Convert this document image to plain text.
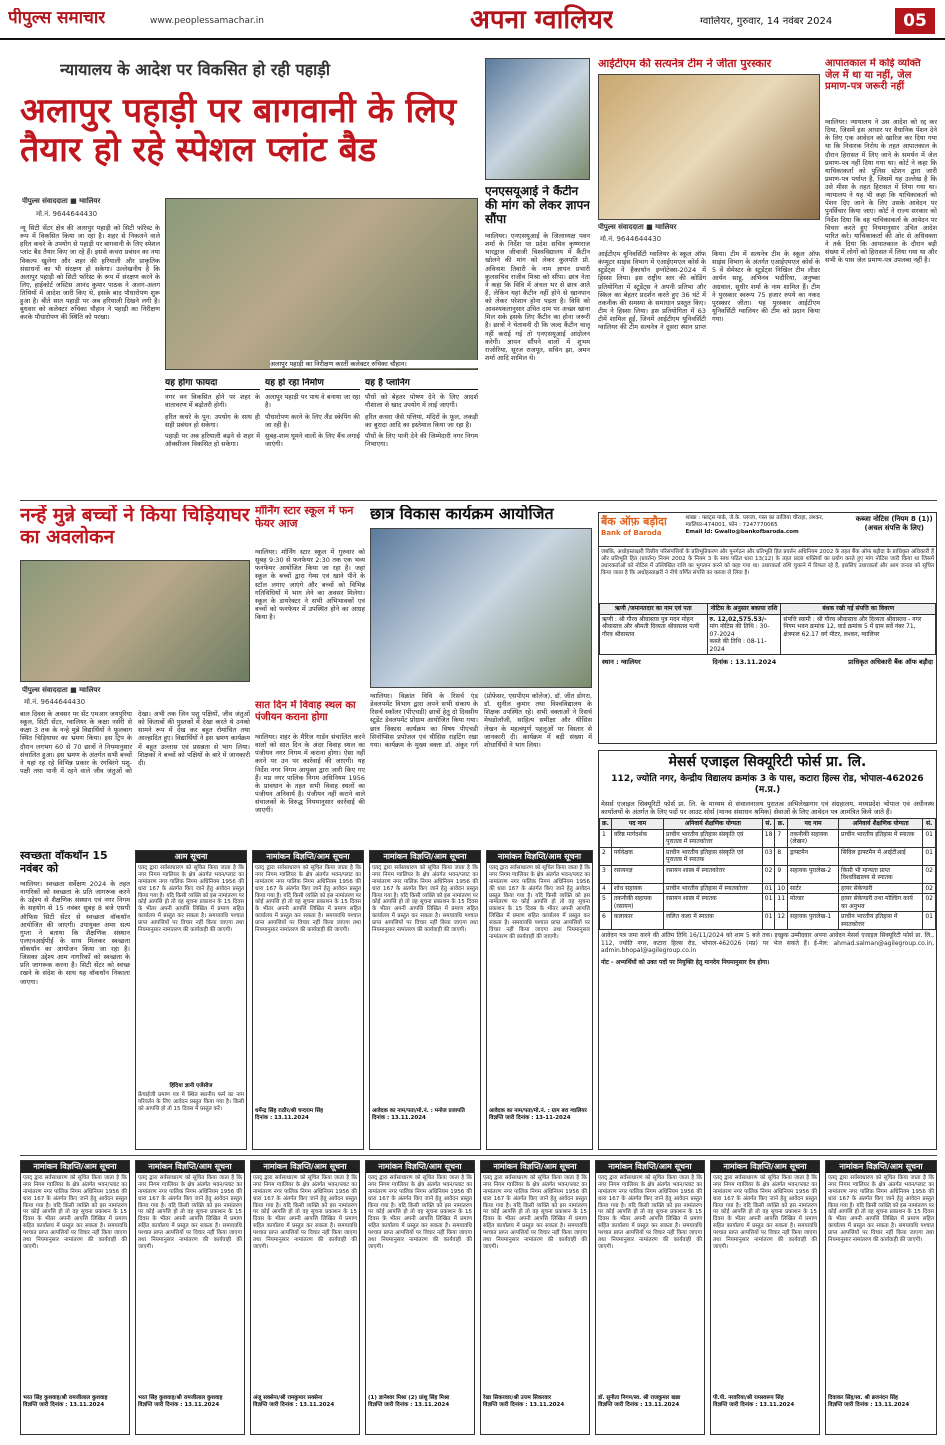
पीपुल्स समाचार	www.peoplessamachar.in	अपना ग्वालियर	ग्वालियर, गुरुवार, 14 नवंबर 2024	05
न्यायालय के आदेश पर विकसित हो रही पहाड़ी
अलापुर पहाड़ी पर बागवानी के लिए तैयार हो रहे स्पेशल प्लांट बैड
पीपुल्स संवाददाता ■ ग्वालियर
मो.नं. 9644644430
न्यू सिटी सेंटर क्षेत्र की अलापुर पहाड़ी को सिटी फॉरेस्ट के रूप में विकसित किया जा रहा है। शहर से निकलने वाले हरित कचरे के उपयोग से पहाड़ी पर बागवानी के लिए स्पेशल प्लांट बैड तैयार किए जा रहे हैं। इससे कचरा प्रबंधन का नया विकल्प खुलेगा और शहर की हरियाली और प्राकृतिक संसाधनों का भी संरक्षण हो सकेगा। उल्लेखनीय है कि अलापुर पहाड़ी को सिटी फॉरेस्ट के रूप में संरक्षण करने के लिए, हाईकोर्ट जस्टिस आनंद कुमार पाठक ने अलग-अलग तिथियों में आदेश जारी किए थे, इसके बाद पौधारोपण शुरू हुआ है। बीते सात पहाड़ी पर अब हरियाली दिखने लगी है। बुधवार को कलेक्टर रुचिका चौहान ने पहाड़ी का निरीक्षण करके पौधारोपण की स्थिति को परखा।
अलापुर पहाड़ी का निरीक्षण करतीं कलेक्टर रुचिका चौहान।
यह होगा फायदा
नगर वन विकसित होने पर शहर के वातावरण में बढ़ोतरी होगी।
हरित कचरे के पुन: उपयोग के साथ ही सही प्रबंधन हो सकेगा।
पहाड़ी पर अब हरियाली बढ़ने से शहर में ऑक्सीजन विकसित हो सकेगा।
यह हो रहा निर्माण
अलापुर पहाड़ी पर पाथ वे बनाया जा रहा है।
पौधारोपण करने के लिए लैंड स्केपिंग की जा रही है।
सुबह-शाम घूमने वालों के लिए बैंच लगाई जाएंगी।
यह है प्लानिंग
पौधों को बेहतर पोषण देने के लिए आदर्श गौशाला से खाद उपयोग में लाई जाएगी।
हरित कचरा जैसे पत्तियां, मंदिरों के फूल, लकड़ी का बुरादा आदि का इस्तेमाल किया जा रहा है।
पौधों के लिए पानी देने की जिम्मेदारी नगर निगम निभाएगा।
एनएसयूआई ने कैंटीन की मांग को लेकर ज्ञापन सौंपा
ग्वालियर। एनएसयूआई के जिलाध्यक्ष पवन शर्मा के निर्देश पर प्रदेश सचिव कृष्णराज भारद्वाज जीवाजी विश्वविद्यालय में कैंटीन खोलने की मांग को लेकर कुलपति प्रो. अविनाश तिवारी के नाम ज्ञापन प्रभारी कुलसचिव राजीव मिश्रा को सौंपा। छात्र नेता ने कहा कि विवि में अंचल भर से छात्र आते हैं, लेकिन यहां कैंटीन नहीं होने से खानपान को लेकर परेशान होना पड़ता है। विवि को आवश्यकतानुसार उचित दाम पर अच्छा खाना मिल सके इसके लिए कैंटीन का होना जरूरी है। छात्रों ने चेतावनी दी कि जल्द कैंटीन चालू नहीं कराई गई तो एनएसयूआई आंदोलन करेगी। ज्ञापन सौंपने वालों में शुभम राजोरिया, सूरज राजपूत, सचिन झा, अमन शर्मा आदि शामिल थे।
आईटीएम की सत्यनेत्र टीम ने जीता पुरस्कार
पीपुल्स संवाददाता ■ ग्वालियर
मो.नं. 9644644430
आईटीएम यूनिवर्सिटी ग्वालियर के स्कूल ऑफ कंप्यूटर साइंस विभाग में एआईएमएल कोर्स के स्टूडेंट्स ने हैकाथॉन इग्नोटेक्स-2024 में हिस्सा लिया। इस राष्ट्रीय स्तर की कोडिंग प्रतियोगिता में स्टूडेंट्स ने अपनी प्रतिभा और स्किल का बेहतर प्रदर्शन करते हुए 36 घंटे में तकनीक की समस्या के समाधान प्रस्तुत किए। टीम ने हिस्सा लिया। इस प्रतियोगिता में 63 टीमें शामिल हुईं, जिनमें आईटीएम यूनिवर्सिटी ग्वालियर की टीम सत्यनेत्र ने दूसरा स्थान प्राप्त किया। टीम में सत्यनेत्र टीम के स्कूल ऑफ साइंस विभाग के अंतर्गत एआईएमएल कोर्स के 5 वें सेमेस्टर के स्टूडेंट्स निखिल टीम लीडर आर्यन साहू, अभिनव भदौरिया, अनुष्का अग्रवाल, सुधीर शर्मा के नाम शामिल हैं। टीम ने पुरस्कार स्वरूप 75 हजार रुपये का नकद पुरस्कार जीता। यह पुरस्कार आईटीएम यूनिवर्सिटी ग्वालियर की टीम को प्रदान किया गया।
आपातकाल में कोई व्यक्ति जेल में था या नहीं, जेल प्रमाण-पत्र जरूरी नहीं
ग्वालियर। न्यायालय ने उस आदेश को रद्द कर दिया, जिसमें इस आधार पर वैधानिक पेंशन देने के लिए एक आवेदन को खारिज कर दिया गया था कि निवारक निरोध के तहत आपातकाल के दौरान हिरासत में लिए जाने के समर्थन में जेल प्रमाण-पत्र नहीं दिया गया था। कोर्ट ने कहा कि याचिकाकर्ता को पुलिस स्टेशन द्वारा जारी प्रमाण-पत्र पर्याप्त है, जिसमें यह उल्लेख है कि उसे मीसा के तहत हिरासत में लिया गया था। न्यायालय ने यह भी कहा कि याचिकाकर्ता को पेंशन दिए जाने के लिए उसके आवेदन पर पुनर्विचार किया जाए। कोर्ट ने राज्य सरकार को निर्देश दिया कि वह याचिकाकर्ता के आवेदन पर विचार करते हुए नियमानुसार उचित आदेश पारित करे। याचिकाकर्ता की ओर से अधिवक्ता ने तर्क दिया कि आपातकाल के दौरान बड़ी संख्या में लोगों को हिरासत में लिया गया था और सभी के पास जेल प्रमाण-पत्र उपलब्ध नहीं है।
नन्हें मुन्ने बच्चों ने किया चिड़ियाघर का अवलोकन
पीपुल्स संवाददाता ■ ग्वालियर
मो.नं. 9644644430
बाल दिवस के अवसर पर सेंट एमआर जयपुरिया स्कूल, सिटी सेंटर, ग्वालियर के कक्षा नर्सरी से कक्षा 3 तक के नन्हे मुन्ने विद्यार्थियों ने फूलबाग स्थित चिड़ियाघर का भ्रमण किया। इस ट्रिप के दौरान लगभग 60 से 70 छात्रों ने नियमानुसार संचालित हुआ। इस भ्रमण के अंतर्गत सभी बच्चों ने यहां रह रहे विभिन्न प्रकार के रंगबिरंगे पशु-पक्षी तथा पानी में रहने वाले जीव जंतुओं को देखा। अभी तक जिन पशु पक्षियों, जीव जंतुओं को किताबों की पुस्तकों में देखा करते थे उनको सामने रूप में देख कर बहुत रोमांचित तथा आल्हादित हुए। विद्यार्थियों ने इस भ्रमण कार्यक्रम में बहुत उल्लास एवं प्रसन्नता से भाग लिया। शिक्षकों ने बच्चों को पक्षियों के बारे में जानकारी दी।
मॉर्निंग स्टार स्कूल में फन फेयर आज
ग्वालियर। मॉर्निंग स्टार स्कूल में गुरुवार को सुबह 9:30 से फनफेयर 2:30 तक एक भव्य फनफेयर आयोजित किया जा रहा है। जहां स्कूल के बच्चों द्वारा गेम्स एवं खाने पीने के स्टॉल लगाए जाएंगे और बच्चों को विभिन्न गतिविधियों में भाग लेने का अवसर मिलेगा। स्कूल के डायरेक्टर ने सभी अभिभावकों एवं बच्चों को फनफेयर में उपस्थित होने का आग्रह किया है।
सात दिन में विवाह स्थल का पंजीयन कराना होगा
ग्वालियर। शहर के मैरिज गार्डन संचालित करने वालों को सात दिन के अंदर विवाह स्थल का पंजीयन नगर निगम में कराना होगा। ऐसा नहीं करने पर उन पर कार्रवाई की जाएगी। यह निर्देश नगर निगम आयुक्त द्वारा जारी किए गए हैं। मप्र नगर पालिक निगम अधिनियम 1956 के प्रावधान के तहत सभी विवाह स्थलों का पंजीयन अनिवार्य है। पंजीयन नहीं कराने वाले संचालकों के विरुद्ध नियमानुसार कार्रवाई की जाएगी।
छात्र विकास कार्यक्रम आयोजित
ग्वालियर। विक्रांत विवि के रिसर्च एंड डेवलपमेंट विभाग द्वारा अपने सभी संकाय के रिसर्च स्कॉलर (पीएचडी) छात्रों हेतु दो दिवसीय स्टूडेंट डेवलपमेंट प्रोग्राम आयोजित किया गया। छात्र विकास कार्यक्रम का विषय पीएचडी सिनोप्सिस प्रपोजल एवं थीसिस राइटिंग रखा गया। कार्यक्रम के मुख्य वक्ता डॉ. अंकुर गर्ग (प्रोफेसर, एसपीएम कॉलेज), डॉ. जीत डोगरा, डॉ. सुनील कुमार तथा विश्वविद्यालय के शिक्षक उपस्थित रहे। सभी वक्ताओं ने रिसर्च मेथडोलॉजी, साहित्य समीक्षा और थीसिस लेखन के महत्वपूर्ण पहलुओं पर विस्तार से जानकारी दी। कार्यक्रम में बड़ी संख्या में शोधार्थियों ने भाग लिया।
बैंक ऑफ़ बड़ौदा
Bank of Baroda
शाखा : फ्लट्स पार्क, जे.के. प्लाजा, गस्त का ताजिया चौराहा, लश्कर, ग्वालियर-474001, फोन : 7247770065
Email Id: Gwalio@bankofbaroda.com
कब्जा नोटिस (नियम 8 (1)) (अचल संपत्ति के लिए)
जबकि, अधोहस्ताक्षरी वित्तीय परिसंपत्तियों के प्रतिभूतिकरण और पुनर्गठन और प्रतिभूति हित प्रवर्तन अधिनियम 2002 के तहत बैंक ऑफ बड़ौदा के प्राधिकृत अधिकारी हैं और प्रतिभूति हित (प्रवर्तन) नियम 2002 के नियम 3 के साथ पठित धारा 13(12) के तहत प्रदत्त शक्तियों का प्रयोग करते हुए मांग नोटिस जारी किया था जिसमें उधारकर्ताओं को नोटिस में उल्लिखित राशि का भुगतान करने को कहा गया था। उधारकर्ता राशि चुकाने में विफल रहे हैं, इसलिए उधारकर्ता और आम जनता को सूचित किया जाता है कि अधोहस्ताक्षरी ने नीचे वर्णित संपत्ति का कब्जा ले लिया है।
ऋणी /जमानतदार का नाम एवं पता	नोटिस के अनुसार बकाया राशि	बंधक रखी गई संपत्ति का विवरण
ऋणी : श्री गौरव श्रीवास्तव पुत्र मदन मोहन श्रीवास्तव और श्रीमती दिव्यता श्रीवास्तव पत्नी गौरव श्रीवास्तव	रु. 12,02,575.53/-
मांग नोटिस की तिथि : 30-07-2024
कब्जे की तिथि : 08-11-2024	संपत्ति स्वामी : श्री गौरव श्रीवास्तव और दिव्यता श्रीवास्तव - नगर निगम भवन क्रमांक 12, वार्ड क्रमांक 5 में ग्राम सर्वे नंबर 71, क्षेत्रफल 62.17 वर्ग मीटर, लश्कर, ग्वालियर
स्थान : ग्वालियर	दिनांक : 13.11.2024	प्राधिकृत अधिकारी बैंक ऑफ बड़ौदा
स्वच्छता वॉकथॉन 15 नवंबर को
ग्वालियर। स्वच्छता सर्वेक्षण 2024 के तहत नागरिकों को स्वच्छता के प्रति जागरूक करने के उद्देश्य से शैक्षणिक संस्थान एवं नगर निगम के सहयोग से 15 नवंबर सुबह 8 बजे एसपी ऑफिस सिटी सेंटर से स्वच्छता वॉकथॉन आयोजित की जाएगी। उपायुक्त अमर सत्य गुप्ता ने बताया कि शैक्षणिक संस्थान एलएनआईपीई के साथ मिलकर स्वच्छता वॉकथॉन का आयोजन किया जा रहा है। जिसका उद्देश्य आम नागरिकों को स्वच्छता के प्रति जागरूक करना है। सिटी सेंटर को स्वच्छ रखने के संदेश के साथ यह वॉकथॉन निकाला जाएगा।
आम सूचना
एतद् द्वारा सर्वसाधारण को सूचित किया जाता है कि नगर निगम ग्वालियर के क्षेत्र अंतर्गत भवन/प्लाट का नामांतरण नगर पालिक निगम अधिनियम 1956 की धारा 167 के अंतर्गत किए जाने हेतु आवेदन प्रस्तुत किया गया है। यदि किसी व्यक्ति को इस नामांतरण पर कोई आपत्ति हो तो वह सूचना प्रकाशन के 15 दिवस के भीतर अपनी आपत्ति लिखित में प्रमाण सहित कार्यालय में प्रस्तुत कर सकता है। समयावधि पश्चात प्राप्त आपत्तियों पर विचार नहीं किया जाएगा तथा नियमानुसार नामांतरण की कार्यवाही की जाएगी।
हिंदिया ज्ञानी एजेंसीज
फ्रेंचाईजी प्रमाण पत्र में स्थित स्थानीय फर्म का नाम परिवर्तन के लिए आवेदन प्रस्तुत किया गया है। किसी को आपत्ति हो तो 15 दिवस में प्रस्तुत करें।
नामांकन विज्ञप्ति/आम सूचना
एतद् द्वारा सर्वसाधारण को सूचित किया जाता है कि नगर निगम ग्वालियर के क्षेत्र अंतर्गत भवन/प्लाट का नामांतरण नगर पालिक निगम अधिनियम 1956 की धारा 167 के अंतर्गत किए जाने हेतु आवेदन प्रस्तुत किया गया है। यदि किसी व्यक्ति को इस नामांतरण पर कोई आपत्ति हो तो वह सूचना प्रकाशन के 15 दिवस के भीतर अपनी आपत्ति लिखित में प्रमाण सहित कार्यालय में प्रस्तुत कर सकता है। समयावधि पश्चात प्राप्त आपत्तियों पर विचार नहीं किया जाएगा तथा नियमानुसार नामांतरण की कार्यवाही की जाएगी।
धर्मेन्द्र सिंह राठौर/श्री चन्दराम सिंह
दिनांक : 13.11.2024
नामांकन विज्ञप्ति/आम सूचना
एतद् द्वारा सर्वसाधारण को सूचित किया जाता है कि नगर निगम ग्वालियर के क्षेत्र अंतर्गत भवन/प्लाट का नामांतरण नगर पालिक निगम अधिनियम 1956 की धारा 167 के अंतर्गत किए जाने हेतु आवेदन प्रस्तुत किया गया है। यदि किसी व्यक्ति को इस नामांतरण पर कोई आपत्ति हो तो वह सूचना प्रकाशन के 15 दिवस के भीतर अपनी आपत्ति लिखित में प्रमाण सहित कार्यालय में प्रस्तुत कर सकता है। समयावधि पश्चात प्राप्त आपत्तियों पर विचार नहीं किया जाएगा तथा नियमानुसार नामांतरण की कार्यवाही की जाएगी।
आवेदक का नाम/पता/मो.नं. : मनोज प्रजापति
दिनांक : 13.11.2024
नामांकन विज्ञप्ति/आम सूचना
एतद् द्वारा सर्वसाधारण को सूचित किया जाता है कि नगर निगम ग्वालियर के क्षेत्र अंतर्गत भवन/प्लाट का नामांतरण नगर पालिक निगम अधिनियम 1956 की धारा 167 के अंतर्गत किए जाने हेतु आवेदन प्रस्तुत किया गया है। यदि किसी व्यक्ति को इस नामांतरण पर कोई आपत्ति हो तो वह सूचना प्रकाशन के 15 दिवस के भीतर अपनी आपत्ति लिखित में प्रमाण सहित कार्यालय में प्रस्तुत कर सकता है। समयावधि पश्चात प्राप्त आपत्तियों पर विचार नहीं किया जाएगा तथा नियमानुसार नामांतरण की कार्यवाही की जाएगी।
आवेदक का नाम/पता/मो.नं. : ग्राम बरा ग्वालियर
विज्ञप्ति जारी दिनांक : 13-11-2024
मेसर्स एजाइल सिक्यूरिटी फोर्स प्रा. लि.
112, ज्योति नगर, केन्द्रीय विद्यालय क्रमांक 3 के पास, कटारा हिल्स रोड, भोपाल-462026 (म.प्र.)
मेसर्स एजाइल सिक्यूरिटी फोर्स प्रा. लि. के माध्यम से संचालनालय पुरातत्व अभिलेखागार एवं संग्रहालय, मध्यप्रदेश भोपाल एवं अधीनस्थ कार्यालयों के अंतर्गत के लिए पदों पर आउट सोर्स (मानव संसाधन श्रमिक) सेवाओं के लिए आवेदन पत्र आमंत्रित किये जाते हैं।
क्र.	पद नाम	अनिवार्य शैक्षणिक योग्यता	सं.	क्र.	पद नाम	अनिवार्य शैक्षणिक योग्यता	सं.
1	वरिष्ठ मार्गदर्शक	प्राचीन भारतीय इतिहास संस्कृति एवं पुरातत्व में स्नातकोत्तर	18	7	तकनीकी सहायक (लेखन)	प्राचीन भारतीय इतिहास में स्नातक	01
2	पर्यवेक्षक	प्राचीन भारतीय इतिहास संस्कृति एवं पुरातत्व में स्नातक	03	8	ड्राफ्टमैन	सिविल ड्राफ्टमैन में आईटीआई	01
3	रसायनज्ञ	रसायन शास्त्र में स्नातकोत्तर	02	9	सहायक पुरालेख-2	किसी भी मान्यता प्राप्त विश्वविद्यालय से स्नातक	02
4	शोध सहायक	प्राचीन भारतीय इतिहास में स्नातकोत्तर	01	10	सार्टर	हायर सेकेण्डरी	02
5	तकनीकी सहायक (रसायन)	रसायन शास्त्र में स्नातक	01	11	मोल्डर	हायर सेकेण्डरी तथा मोल्डिंग कार्य का अनुभव	02
6	कलाकार	ललित कला में स्नातक	01	12	सहायक पुरालेख-1	प्राचीन भारतीय इतिहास में स्नातकोत्तर	01
आवेदन पत्र जमा करने की अंतिम तिथि 16/11/2024 को शाम 5 बजे तक। इच्छुक उम्मीदवार अपना आवेदन मेसर्स एजाइल सिक्यूरिटी फोर्स प्रा. लि., 112, ज्योति नगर, कटारा हिल्स रोड, भोपाल-462026 (मप्र) पर भेज सकते हैं। ई-मेल: ahmad.salman@agilegroup.co.in, admin.bhopal@agilegroup.co.in
नोट - अभ्यर्थियों को उक्त पदों पर नियुक्ति हेतु मानदेय नियमानुसार देय होगा।
नामांकन विज्ञप्ति/आम सूचना
एतद् द्वारा सर्वसाधारण को सूचित किया जाता है कि नगर निगम ग्वालियर के क्षेत्र अंतर्गत भवन/प्लाट का नामांतरण नगर पालिक निगम अधिनियम 1956 की धारा 167 के अंतर्गत किए जाने हेतु आवेदन प्रस्तुत किया गया है। यदि किसी व्यक्ति को इस नामांतरण पर कोई आपत्ति हो तो वह सूचना प्रकाशन के 15 दिवस के भीतर अपनी आपत्ति लिखित में प्रमाण सहित कार्यालय में प्रस्तुत कर सकता है। समयावधि पश्चात प्राप्त आपत्तियों पर विचार नहीं किया जाएगा तथा नियमानुसार नामांतरण की कार्यवाही की जाएगी।
भरत सिंह कुशवाह/श्री रामजीलाल कुशवाह
विज्ञप्ति जारी दिनांक : 13.11.2024
नामांकन विज्ञप्ति/आम सूचना
एतद् द्वारा सर्वसाधारण को सूचित किया जाता है कि नगर निगम ग्वालियर के क्षेत्र अंतर्गत भवन/प्लाट का नामांतरण नगर पालिक निगम अधिनियम 1956 की धारा 167 के अंतर्गत किए जाने हेतु आवेदन प्रस्तुत किया गया है। यदि किसी व्यक्ति को इस नामांतरण पर कोई आपत्ति हो तो वह सूचना प्रकाशन के 15 दिवस के भीतर अपनी आपत्ति लिखित में प्रमाण सहित कार्यालय में प्रस्तुत कर सकता है। समयावधि पश्चात प्राप्त आपत्तियों पर विचार नहीं किया जाएगा तथा नियमानुसार नामांतरण की कार्यवाही की जाएगी।
भरत सिंह कुशवाह/श्री रामजीलाल कुशवाह
विज्ञप्ति जारी दिनांक : 13.11.2024
नामांकन विज्ञप्ति/आम सूचना
एतद् द्वारा सर्वसाधारण को सूचित किया जाता है कि नगर निगम ग्वालियर के क्षेत्र अंतर्गत भवन/प्लाट का नामांतरण नगर पालिक निगम अधिनियम 1956 की धारा 167 के अंतर्गत किए जाने हेतु आवेदन प्रस्तुत किया गया है। यदि किसी व्यक्ति को इस नामांतरण पर कोई आपत्ति हो तो वह सूचना प्रकाशन के 15 दिवस के भीतर अपनी आपत्ति लिखित में प्रमाण सहित कार्यालय में प्रस्तुत कर सकता है। समयावधि पश्चात प्राप्त आपत्तियों पर विचार नहीं किया जाएगा तथा नियमानुसार नामांतरण की कार्यवाही की जाएगी।
अंजू सक्सेना/श्री रामकुमार सक्सेना
विज्ञप्ति जारी दिनांक : 13.11.2024
नामांकन विज्ञप्ति/आम सूचना
एतद् द्वारा सर्वसाधारण को सूचित किया जाता है कि नगर निगम ग्वालियर के क्षेत्र अंतर्गत भवन/प्लाट का नामांतरण नगर पालिक निगम अधिनियम 1956 की धारा 167 के अंतर्गत किए जाने हेतु आवेदन प्रस्तुत किया गया है। यदि किसी व्यक्ति को इस नामांतरण पर कोई आपत्ति हो तो वह सूचना प्रकाशन के 15 दिवस के भीतर अपनी आपत्ति लिखित में प्रमाण सहित कार्यालय में प्रस्तुत कर सकता है। समयावधि पश्चात प्राप्त आपत्तियों पर विचार नहीं किया जाएगा तथा नियमानुसार नामांतरण की कार्यवाही की जाएगी।
(1) ज्ञानेश्वर मिश्रा (2) प्रांशु सिंह मिश्रा
विज्ञप्ति जारी दिनांक : 13.11.2024
नामांकन विज्ञप्ति/आम सूचना
एतद् द्वारा सर्वसाधारण को सूचित किया जाता है कि नगर निगम ग्वालियर के क्षेत्र अंतर्गत भवन/प्लाट का नामांतरण नगर पालिक निगम अधिनियम 1956 की धारा 167 के अंतर्गत किए जाने हेतु आवेदन प्रस्तुत किया गया है। यदि किसी व्यक्ति को इस नामांतरण पर कोई आपत्ति हो तो वह सूचना प्रकाशन के 15 दिवस के भीतर अपनी आपत्ति लिखित में प्रमाण सहित कार्यालय में प्रस्तुत कर सकता है। समयावधि पश्चात प्राप्त आपत्तियों पर विचार नहीं किया जाएगा तथा नियमानुसार नामांतरण की कार्यवाही की जाएगी।
रेखा सिकरवार/श्री उत्तम सिकरवार
विज्ञप्ति जारी दिनांक : 13.11.2024
नामांकन विज्ञप्ति/आम सूचना
एतद् द्वारा सर्वसाधारण को सूचित किया जाता है कि नगर निगम ग्वालियर के क्षेत्र अंतर्गत भवन/प्लाट का नामांतरण नगर पालिक निगम अधिनियम 1956 की धारा 167 के अंतर्गत किए जाने हेतु आवेदन प्रस्तुत किया गया है। यदि किसी व्यक्ति को इस नामांतरण पर कोई आपत्ति हो तो वह सूचना प्रकाशन के 15 दिवस के भीतर अपनी आपत्ति लिखित में प्रमाण सहित कार्यालय में प्रस्तुत कर सकता है। समयावधि पश्चात प्राप्त आपत्तियों पर विचार नहीं किया जाएगा तथा नियमानुसार नामांतरण की कार्यवाही की जाएगी।
डॉ. सुनीता निगम/स्व. श्री राजकुमार खन्ना
विज्ञप्ति जारी दिनांक : 13.11.2024
नामांकन विज्ञप्ति/आम सूचना
एतद् द्वारा सर्वसाधारण को सूचित किया जाता है कि नगर निगम ग्वालियर के क्षेत्र अंतर्गत भवन/प्लाट का नामांतरण नगर पालिक निगम अधिनियम 1956 की धारा 167 के अंतर्गत किए जाने हेतु आवेदन प्रस्तुत किया गया है। यदि किसी व्यक्ति को इस नामांतरण पर कोई आपत्ति हो तो वह सूचना प्रकाशन के 15 दिवस के भीतर अपनी आपत्ति लिखित में प्रमाण सहित कार्यालय में प्रस्तुत कर सकता है। समयावधि पश्चात प्राप्त आपत्तियों पर विचार नहीं किया जाएगा तथा नियमानुसार नामांतरण की कार्यवाही की जाएगी।
पी.पी. नरवरिया/श्री रामस्वरूप सिंह
विज्ञप्ति जारी दिनांक : 13.11.2024
नामांकन विज्ञप्ति/आम सूचना
एतद् द्वारा सर्वसाधारण को सूचित किया जाता है कि नगर निगम ग्वालियर के क्षेत्र अंतर्गत भवन/प्लाट का नामांतरण नगर पालिक निगम अधिनियम 1956 की धारा 167 के अंतर्गत किए जाने हेतु आवेदन प्रस्तुत किया गया है। यदि किसी व्यक्ति को इस नामांतरण पर कोई आपत्ति हो तो वह सूचना प्रकाशन के 15 दिवस के भीतर अपनी आपत्ति लिखित में प्रमाण सहित कार्यालय में प्रस्तुत कर सकता है। समयावधि पश्चात प्राप्त आपत्तियों पर विचार नहीं किया जाएगा तथा नियमानुसार नामांतरण की कार्यवाही की जाएगी।
दिवाकर सिंह/स्व. श्री ब्रजनंदन सिंह
विज्ञप्ति जारी दिनांक : 13.11.2024
